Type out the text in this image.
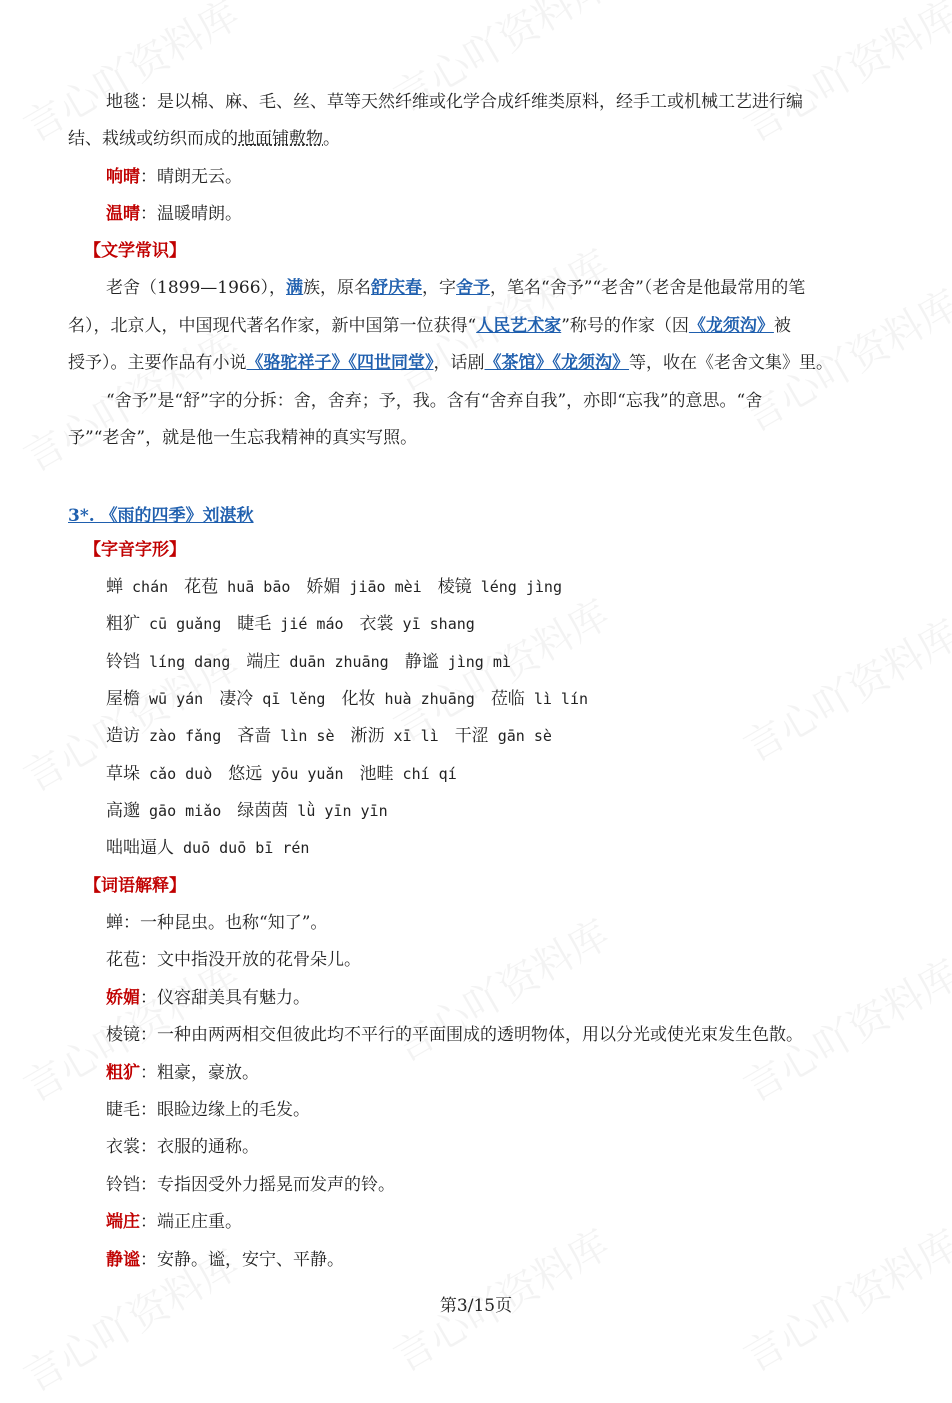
地毯：是以棉、麻、毛、丝、草等天然纤维或化学合成纤维类原料，经手工或机械工艺进行编
结、栽绒或纺织而成的地面铺敷物。
响晴：晴朗无云。
温晴：温暖晴朗。
【文学常识】
老舍（1899—1966），满族，原名舒庆春，字舍予，笔名“舍予”“老舍”（老舍是他最常用的笔
名），北京人，中国现代著名作家，新中国第一位获得“人民艺术家”称号的作家（因《龙须沟》被
授予）。主要作品有小说《骆驼祥子》《四世同堂》，话剧《茶馆》《龙须沟》等，收在《老舍文集》里。
“舍予”是“舒”字的分拆：舍，舍弃；予，我。含有“舍弃自我”，亦即“忘我”的意思。“舍
予”“老舍”，就是他一生忘我精神的真实写照。
3*. 《雨的四季》刘湛秋
【字音字形】
蝉 chán 花苞 huā bāo 娇媚 jiāo mèi 棱镜 léng jìng
粗犷 cū guǎng 睫毛 jié máo 衣裳 yī shang
铃铛 líng dang 端庄 duān zhuāng 静谧 jìng mì
屋檐 wū yán 凄冷 qī lěng 化妆 huà zhuāng 莅临 lì lín
造访 zào fǎng 吝啬 lìn sè 淅沥 xī lì 干涩 gān sè
草垛 cǎo duò 悠远 yōu yuǎn 池畦 chí qí
高邈 gāo miǎo 绿茵茵 lǜ yīn yīn
咄咄逼人 duō duō bī rén
【词语解释】
蝉：一种昆虫。也称“知了”。
花苞：文中指没开放的花骨朵儿。
娇媚：仪容甜美具有魅力。
棱镜：一种由两两相交但彼此均不平行的平面围成的透明物体，用以分光或使光束发生色散。
粗犷：粗豪，豪放。
睫毛：眼睑边缘上的毛发。
衣裳：衣服的通称。
铃铛：专指因受外力摇晃而发声的铃。
端庄：端正庄重。
静谧：安静。谧，安宁、平静。
第3/15页
